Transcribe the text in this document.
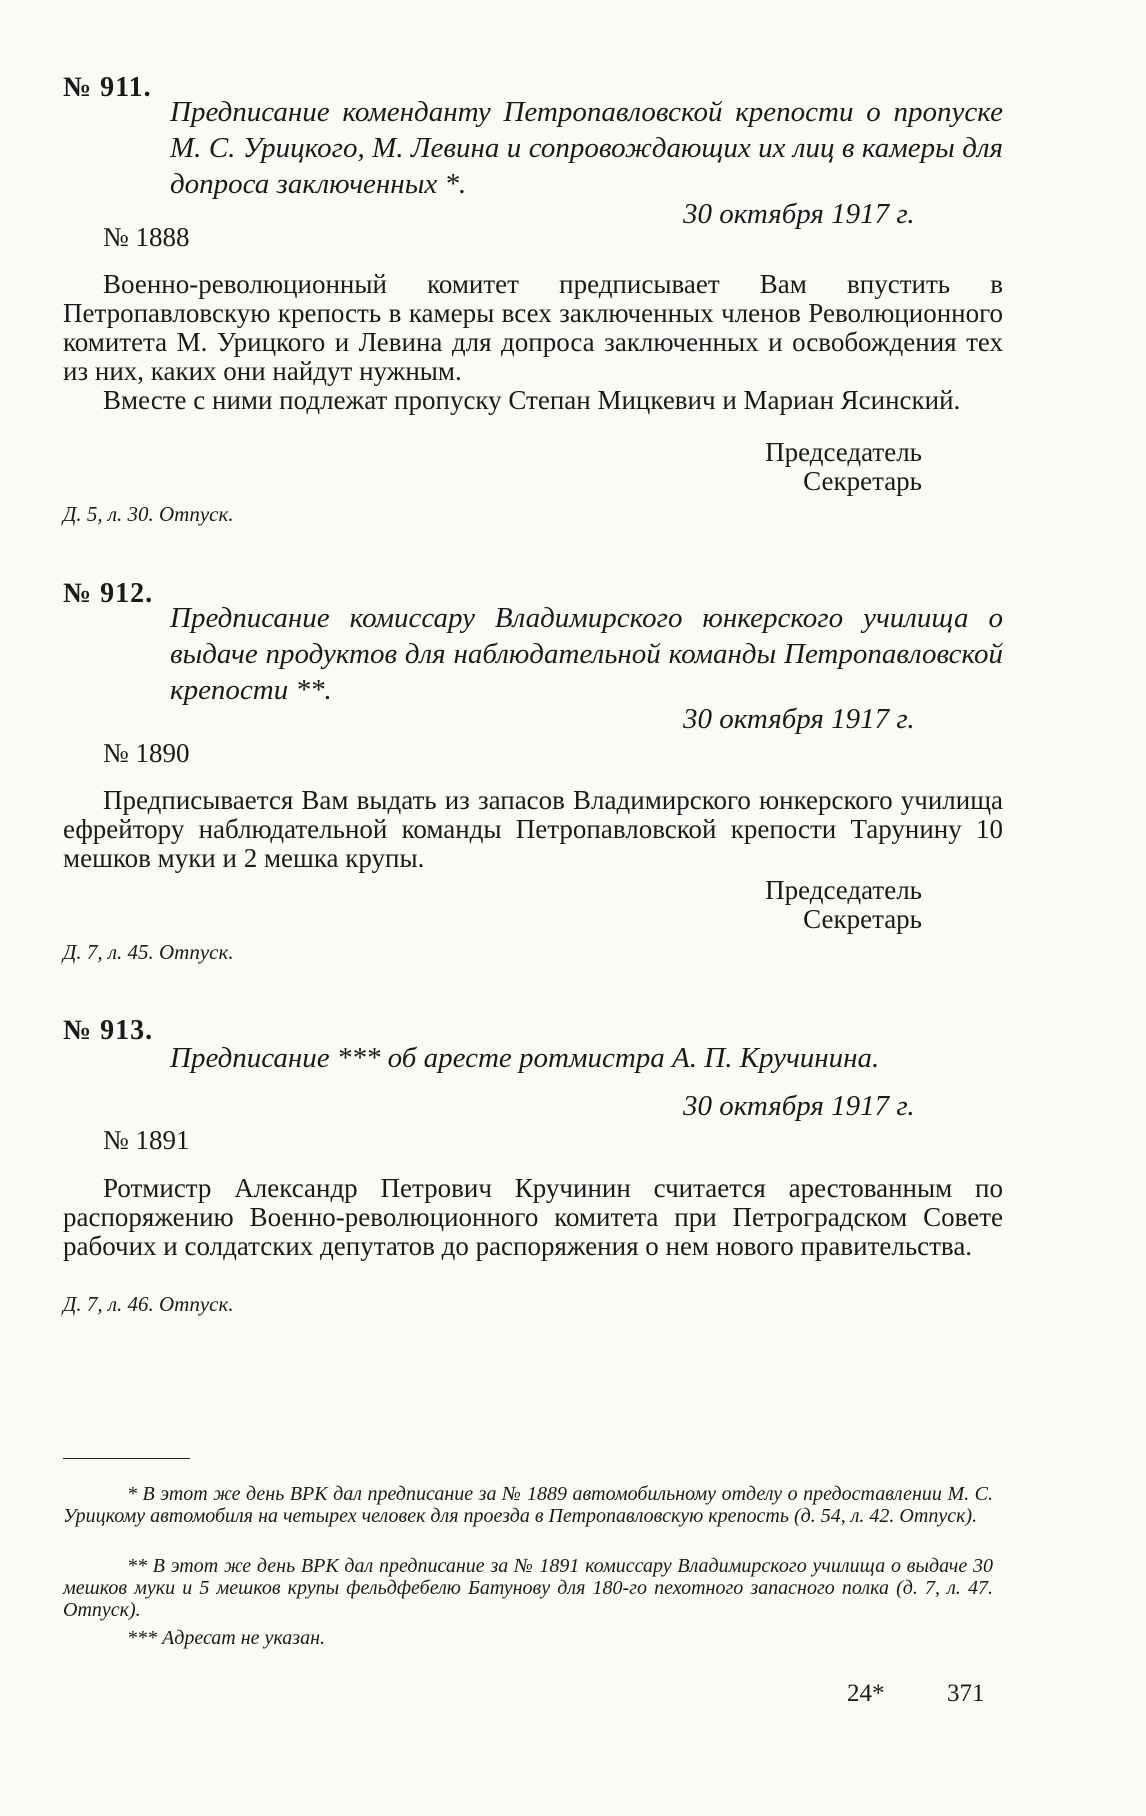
№ 911.
Предписание коменданту Петропавловской крепости о пропуске М. С. Урицкого, М. Левина и сопровождающих их лиц в камеры для допроса заключенных *.
30 октября 1917 г.
№ 1888
Военно-революционный комитет предписывает Вам впустить в Петропавловскую крепость в камеры всех заключенных членов Революционного комитета М. Урицкого и Левина для допроса заключенных и освобождения тех из них, каких они найдут нужным.
Вместе с ними подлежат пропуску Степан Мицкевич и Мариан Ясинский.
Председатель
Секретарь
Д. 5, л. 30. Отпуск.
№ 912.
Предписание комиссару Владимирского юнкерского училища о выдаче продуктов для наблюдательной команды Петропавловской крепости **.
30 октября 1917 г.
№ 1890
Предписывается Вам выдать из запасов Владимирского юнкерского училища ефрейтору наблюдательной команды Петропавловской крепости Тарунину 10 мешков муки и 2 мешка крупы.
Председатель
Секретарь
Д. 7, л. 45. Отпуск.
№ 913.
Предписание *** об аресте ротмистра А. П. Кручинина.
30 октября 1917 г.
№ 1891
Ротмистр Александр Петрович Кручинин считается арестованным по распоряжению Военно-революционного комитета при Петроградском Совете рабочих и солдатских депутатов до распоряжения о нем нового правительства.
Д. 7, л. 46. Отпуск.
* В этот же день ВРК дал предписание за № 1889 автомобильному отделу о предоставлении М. С. Урицкому автомобиля на четырех человек для проезда в Петропавловскую крепость (д. 54, л. 42. Отпуск).
** В этот же день ВРК дал предписание за № 1891 комиссару Владимирского училища о выдаче 30 мешков муки и 5 мешков крупы фельдфебелю Батунову для 180-го пехотного запасного полка (д. 7, л. 47. Отпуск).
*** Адресат не указан.
24*	371
